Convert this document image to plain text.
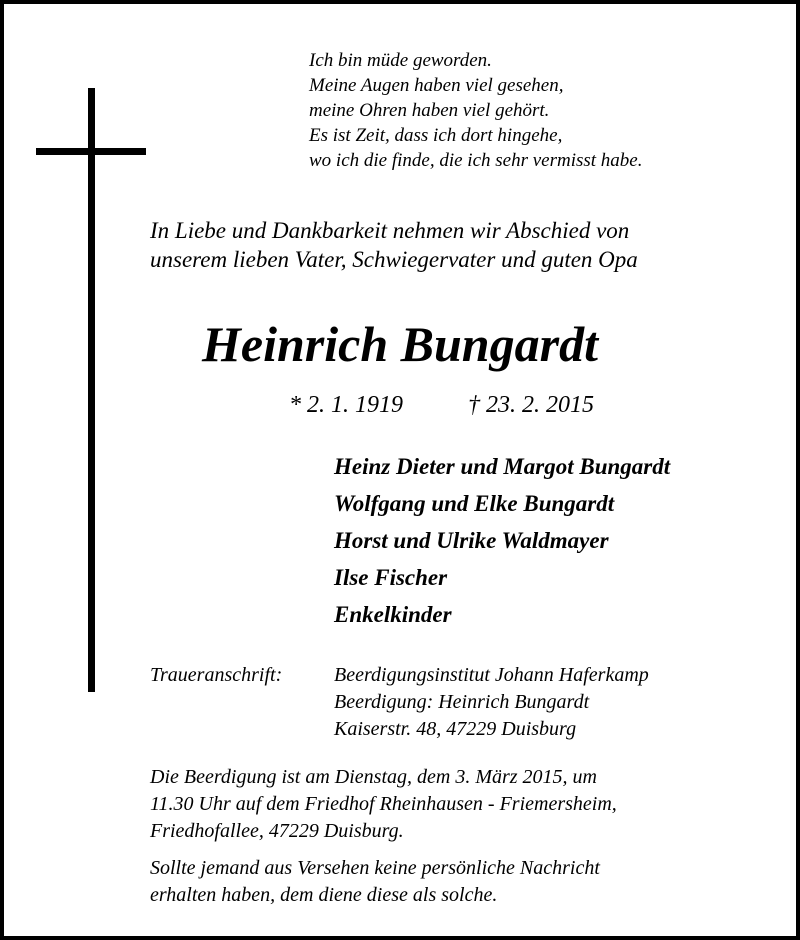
Ich bin müde geworden.
Meine Augen haben viel gesehen,
meine Ohren haben viel gehört.
Es ist Zeit, dass ich dort hingehe,
wo ich die finde, die ich sehr vermisst habe.
In Liebe und Dankbarkeit nehmen wir Abschied von
unserem lieben Vater, Schwiegervater und guten Opa
Heinrich Bungardt
* 2. 1. 1919	† 23. 2. 2015
Heinz Dieter und Margot Bungardt
Wolfgang und Elke Bungardt
Horst und Ulrike Waldmayer
Ilse Fischer
Enkelkinder
Traueranschrift:	Beerdigungsinstitut Johann Haferkamp
Beerdigung: Heinrich Bungardt
Kaiserstr. 48, 47229 Duisburg
Die Beerdigung ist am Dienstag, dem 3. März 2015, um
11.30 Uhr auf dem Friedhof Rheinhausen - Friemersheim,
Friedhofallee, 47229 Duisburg.
Sollte jemand aus Versehen keine persönliche Nachricht
erhalten haben, dem diene diese als solche.
